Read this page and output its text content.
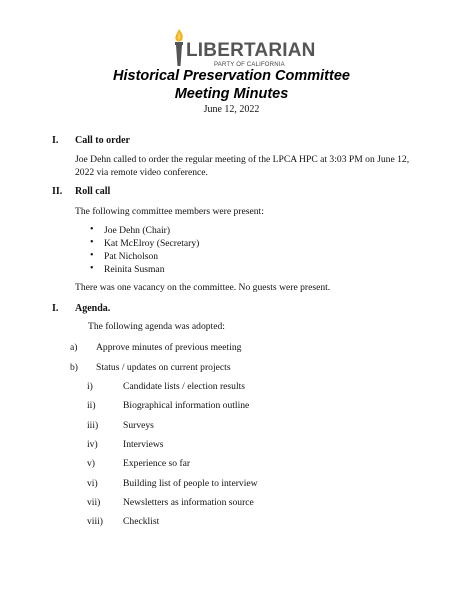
LIBERTARIAN
PARTY OF CALIFORNIA
Historical Preservation Committee
Meeting Minutes
June 12, 2022
I. Call to order
Joe Dehn called to order the regular meeting of the LPCA HPC at 3:03 PM on June 12,
2022 via remote video conference.
II. Roll call
The following committee members were present:
• Joe Dehn (Chair)
• Kat McElroy (Secretary)
• Pat Nicholson
• Reinita Susman
There was one vacancy on the committee. No guests were present.
I. Agenda.
The following agenda was adopted:
a) Approve minutes of previous meeting
b) Status / updates on current projects
i)	Candidate lists / election results
ii)	Biographical information outline
iii)	Surveys
iv)	Interviews
v)	Experience so far
vi)	Building list of people to interview
vii) Newsletters as information source
viii) Checklist
